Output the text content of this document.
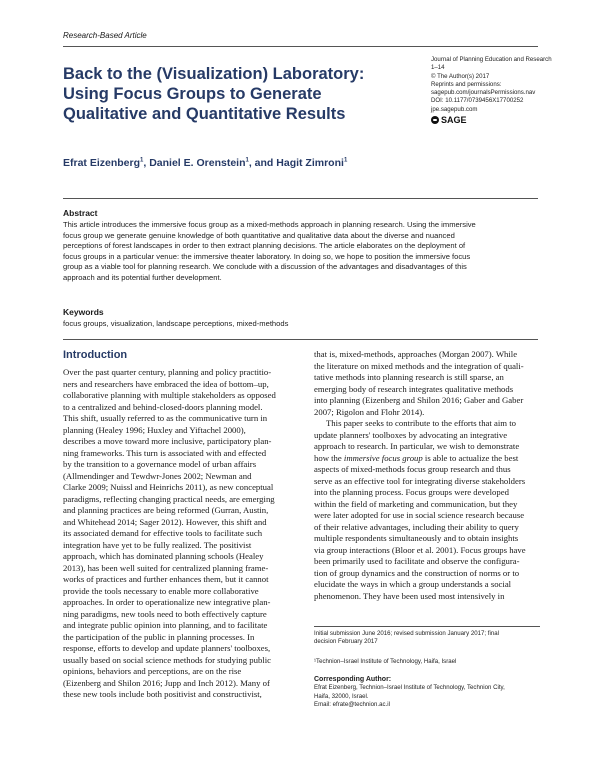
Research-Based Article
Back to the (Visualization) Laboratory:
Using Focus Groups to Generate
Qualitative and Quantitative Results
Journal of Planning Education and Research
1–14
© The Author(s) 2017
Reprints and permissions:
sagepub.com/journalsPermissions.nav
DOI: 10.1177/0739456X17700252
jpe.sagepub.com
SAGE
Efrat Eizenberg$^1$, Daniel E. Orenstein$^1$, and Hagit Zimroni$^1$
Abstract
This article introduces the immersive focus group as a mixed-methods approach in planning research. Using the immersive
focus group we generate genuine knowledge of both quantitative and qualitative data about the diverse and nuanced
perceptions of forest landscapes in order to then extract planning decisions. The article elaborates on the deployment of
focus groups in a particular venue: the immersive theater laboratory. In doing so, we hope to position the immersive focus
group as a viable tool for planning research. We conclude with a discussion of the advantages and disadvantages of this
approach and its potential further development.
Keywords
focus groups, visualization, landscape perceptions, mixed-methods
Introduction
Over the past quarter century, planning and policy practitio-
ners and researchers have embraced the idea of bottom–up,
collaborative planning with multiple stakeholders as opposed
to a centralized and behind-closed-doors planning model.
This shift, usually referred to as the communicative turn in
planning (Healey 1996; Huxley and Yiftachel 2000),
describes a move toward more inclusive, participatory plan-
ning frameworks. This turn is associated with and effected
by the transition to a governance model of urban affairs
(Allmendinger and Tewdwr-Jones 2002; Newman and
Clarke 2009; Nuissl and Heinrichs 2011), as new conceptual
paradigms, reflecting changing practical needs, are emerging
and planning practices are being reformed (Gurran, Austin,
and Whitehead 2014; Sager 2012). However, this shift and
its associated demand for effective tools to facilitate such
integration have yet to be fully realized. The positivist
approach, which has dominated planning schools (Healey
2013), has been well suited for centralized planning frame-
works of practices and further enhances them, but it cannot
provide the tools necessary to enable more collaborative
approaches. In order to operationalize new integrative plan-
ning paradigms, new tools need to both effectively capture
and integrate public opinion into planning, and to facilitate
the participation of the public in planning processes. In
response, efforts to develop and update planners' toolboxes,
usually based on social science methods for studying public
opinions, behaviors and perceptions, are on the rise
(Eizenberg and Shilon 2016; Jupp and Inch 2012). Many of
these new tools include both positivist and constructivist,
that is, mixed-methods, approaches (Morgan 2007). While
the literature on mixed methods and the integration of quali-
tative methods into planning research is still sparse, an
emerging body of research integrates qualitative methods
into planning (Eizenberg and Shilon 2016; Gaber and Gaber
2007; Rigolon and Flohr 2014).
This paper seeks to contribute to the efforts that aim to
update planners' toolboxes by advocating an integrative
approach to research. In particular, we wish to demonstrate
how the immersive focus group is able to actualize the best
aspects of mixed-methods focus group research and thus
serve as an effective tool for integrating diverse stakeholders
into the planning process. Focus groups were developed
within the field of marketing and communication, but they
were later adopted for use in social science research because
of their relative advantages, including their ability to query
multiple respondents simultaneously and to obtain insights
via group interactions (Bloor et al. 2001). Focus groups have
been primarily used to facilitate and observe the configura-
tion of group dynamics and the construction of norms or to
elucidate the ways in which a group understands a social
phenomenon. They have been used most intensively in
Initial submission June 2016; revised submission January 2017; final
decision February 2017
¹Technion–Israel Institute of Technology, Haifa, Israel
Corresponding Author:
Efrat Eizenberg, Technion–Israel Institute of Technology, Technion City,
Haifa, 32000, Israel.
Email: efrate@technion.ac.il
